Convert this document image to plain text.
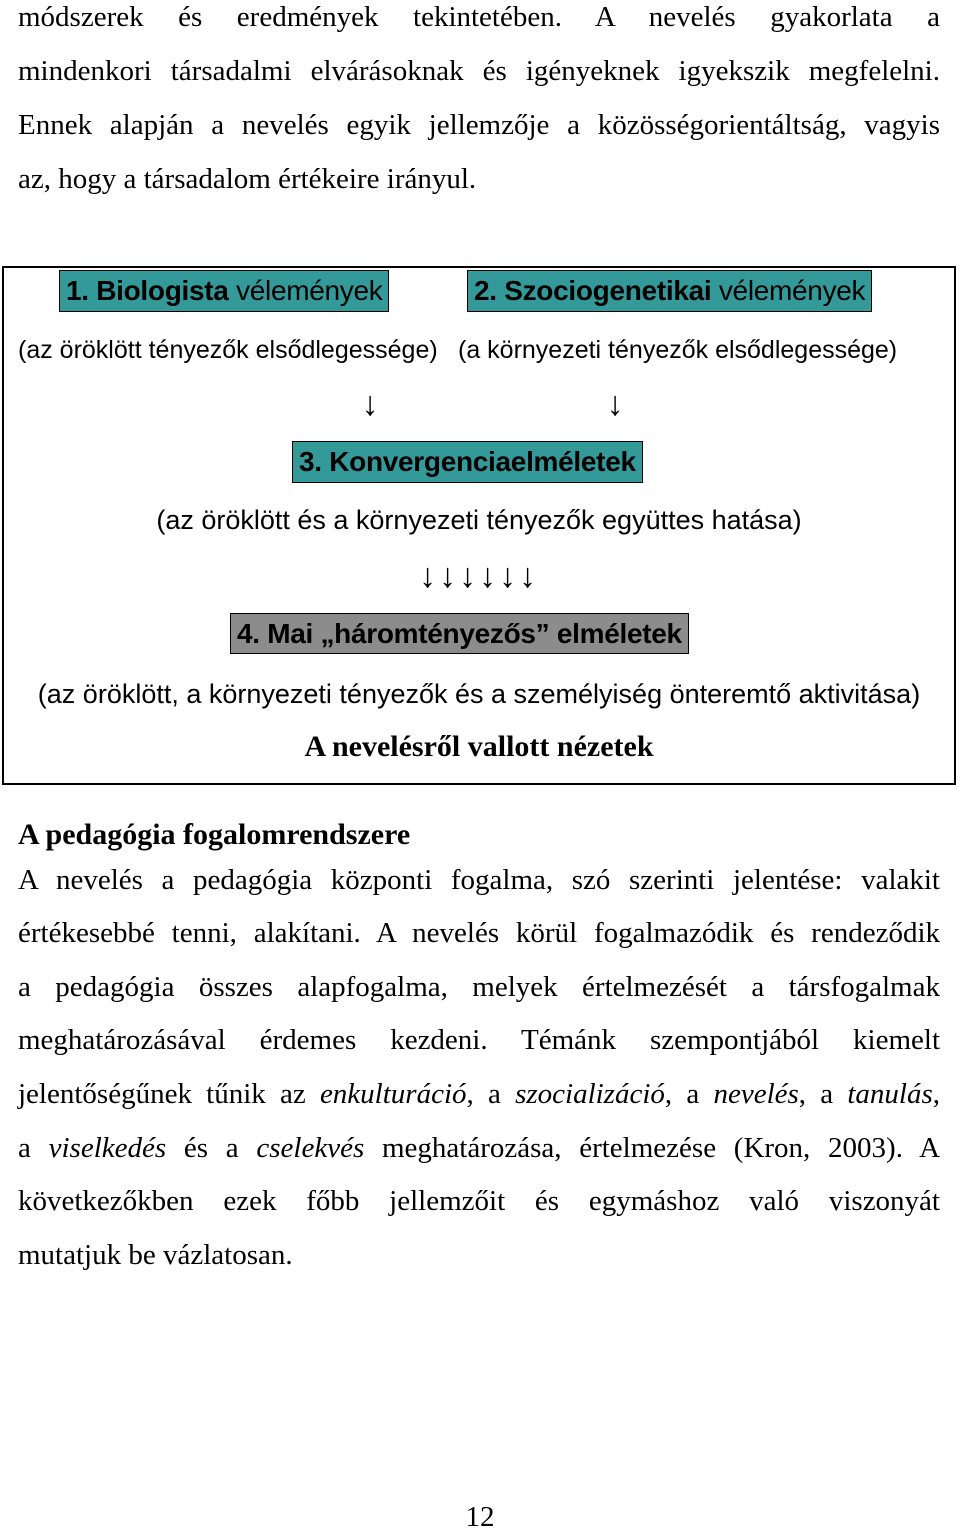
módszerek és eredmények tekintetében. A nevelés gyakorlata a
mindenkori társadalmi elvárásoknak és igényeknek igyekszik megfelelni.
Ennek alapján a nevelés egyik jellemzője a közösségorientáltság, vagyis
az, hogy a társadalom értékeire irányul.
1. Biologista vélemények	2. Szociogenetikai vélemények
(az öröklött tényezők elsődlegessége) (a környezeti tényezők elsődlegessége)
↓	↓
3. Konvergenciaelméletek
(az öröklött és a környezeti tényezők együttes hatása)
↓↓↓↓↓↓
4. Mai „háromtényezős” elméletek
(az öröklött, a környezeti tényezők és a személyiség önteremtő aktivitása)
A nevelésről vallott nézetek
A pedagógia fogalomrendszere
A nevelés a pedagógia központi fogalma, szó szerinti jelentése: valakit
értékesebbé tenni, alakítani. A nevelés körül fogalmazódik és rendeződik
a pedagógia összes alapfogalma, melyek értelmezését a társfogalmak
meghatározásával érdemes kezdeni. Témánk szempontjából kiemelt
jelentőségűnek tűnik az enkulturáció, a szocializáció, a nevelés, a tanulás,
a viselkedés és a cselekvés meghatározása, értelmezése (Kron, 2003). A
következőkben ezek főbb jellemzőit és egymáshoz való viszonyát
mutatjuk be vázlatosan.
12
